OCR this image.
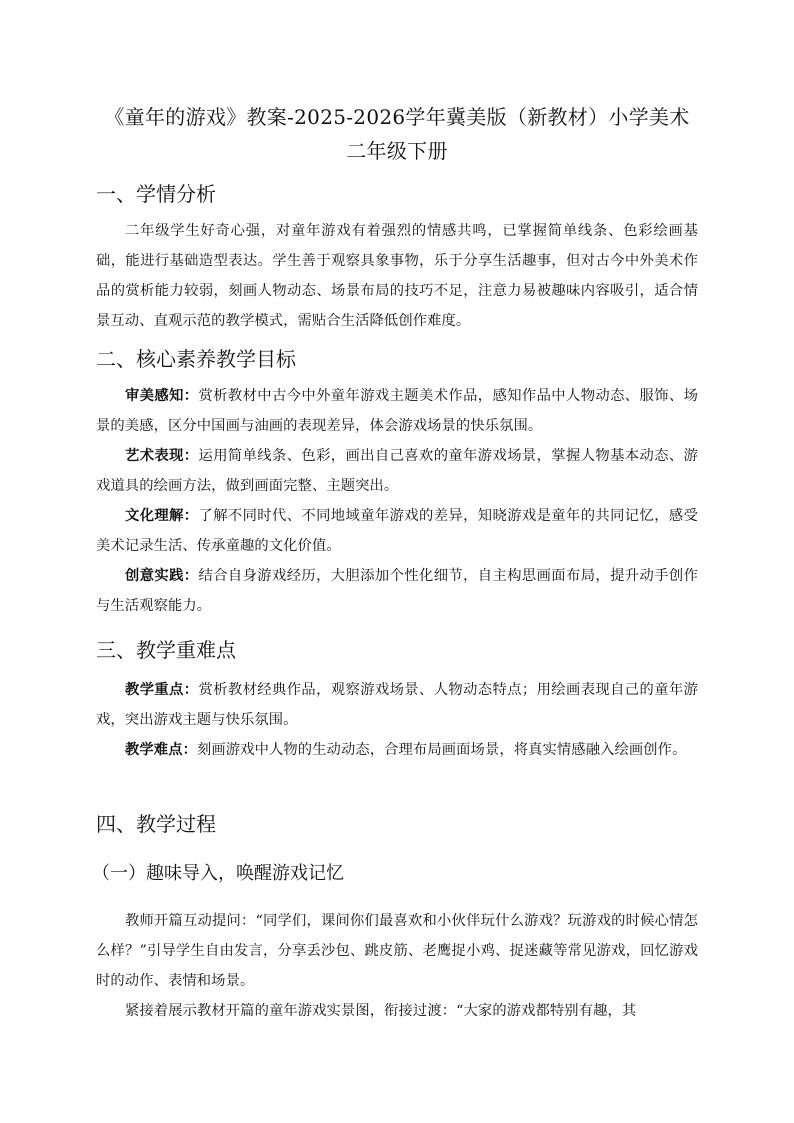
《童年的游戏》教案-2025-2026学年冀美版（新教材）小学美术
二年级下册
一、学情分析
二年级学生好奇心强，对童年游戏有着强烈的情感共鸣，已掌握简单线条、色彩绘画基础，能进行基础造型表达。学生善于观察具象事物，乐于分享生活趣事，但对古今中外美术作品的赏析能力较弱，刻画人物动态、场景布局的技巧不足，注意力易被趣味内容吸引，适合情景互动、直观示范的教学模式，需贴合生活降低创作难度。
二、核心素养教学目标
审美感知：赏析教材中古今中外童年游戏主题美术作品，感知作品中人物动态、服饰、场景的美感，区分中国画与油画的表现差异，体会游戏场景的快乐氛围。
艺术表现：运用简单线条、色彩，画出自己喜欢的童年游戏场景，掌握人物基本动态、游戏道具的绘画方法，做到画面完整、主题突出。
文化理解：了解不同时代、不同地域童年游戏的差异，知晓游戏是童年的共同记忆，感受美术记录生活、传承童趣的文化价值。
创意实践：结合自身游戏经历，大胆添加个性化细节，自主构思画面布局，提升动手创作与生活观察能力。
三、教学重难点
教学重点：赏析教材经典作品，观察游戏场景、人物动态特点；用绘画表现自己的童年游戏，突出游戏主题与快乐氛围。
教学难点：刻画游戏中人物的生动动态，合理布局画面场景，将真实情感融入绘画创作。
四、教学过程
（一）趣味导入，唤醒游戏记忆
教师开篇互动提问：“同学们，课间你们最喜欢和小伙伴玩什么游戏？玩游戏的时候心情怎么样？”引导学生自由发言，分享丢沙包、跳皮筋、老鹰捉小鸡、捉迷藏等常见游戏，回忆游戏时的动作、表情和场景。
紧接着展示教材开篇的童年游戏实景图，衔接过渡：“大家的游戏都特别有趣，其
